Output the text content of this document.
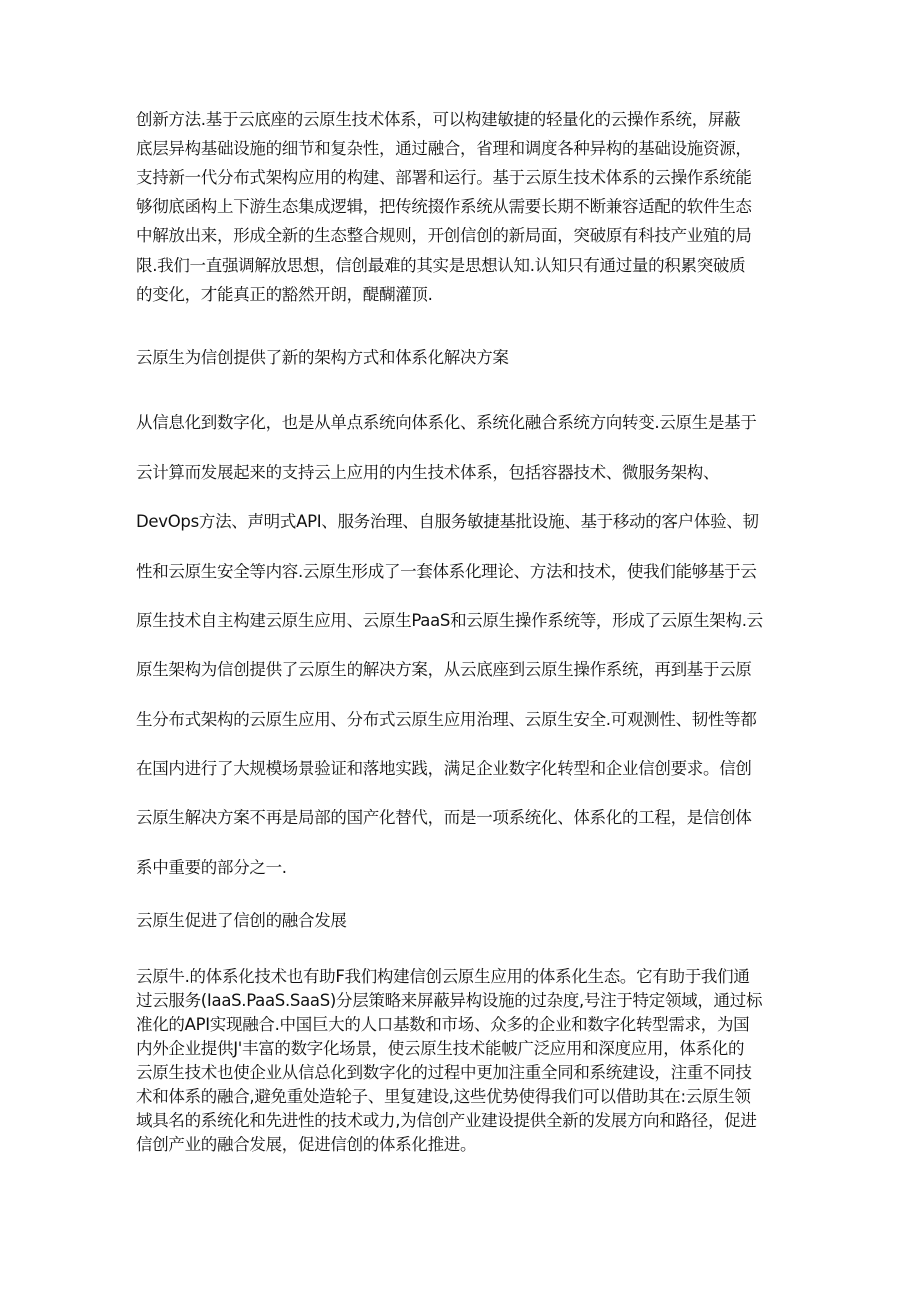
创新方法.基于云底座的云原生技术体系，可以构建敏捷的轻量化的云操作系统，屏蔽
底层异构基础设施的细节和复杂性，通过融合，省理和调度各种异构的基础设施资源，
支持新一代分布式架构应用的构建、部署和运行。基于云原生技术体系的云操作系统能
够彻底函构上下游生态集成逻辑，把传统掇作系统从需要长期不断兼容适配的软件生态
中解放出来，形成全新的生态整合规则，开创信创的新局面，突破原有科技产业殖的局
限.我们一直强调解放思想，信创最难的其实是思想认知.认知只有通过量的积累突破质
的变化，才能真正的豁然开朗，醍醐灌顶.
云原生为信创提供了新的架构方式和体系化解决方案
从信息化到数字化，也是从单点系统向体系化、系统化融合系统方向转变.云原生是基于
云计算而发展起来的支持云上应用的内生技术体系，包括容器技术、微服务架构、
DevOps方法、声明式API、服务治理、自服务敏捷基批设施、基于移动的客户体验、韧
性和云原生安全等内容.云原生形成了一套体系化理论、方法和技术，使我们能够基于云
原生技术自主构建云原生应用、云原生PaaS和云原生操作系统等，形成了云原生架构.云
原生架构为信创提供了云原生的解决方案，从云底座到云原生操作系统，再到基于云原
生分布式架构的云原生应用、分布式云原生应用治理、云原生安全.可观测性、韧性等都
在国内进行了大规模场景验证和落地实践，满足企业数字化转型和企业信创要求。信创
云原生解决方案不再是局部的国产化替代，而是一项系统化、体系化的工程，是信创体
系中重要的部分之一.
云原生促进了信创的融合发展
云原牛.的体系化技术也有助F我们构建信创云原生应用的体系化生态。它有助于我们通
过云服务(IaaS.PaaS.SaaS)分层策略来屏蔽异构设施的过杂度,号注于特定领域，通过标
准化的API实现融合.中国巨大的人口基数和市场、众多的企业和数字化转型需求，为国
内外企业提供J'丰富的数字化场景，使云原生技术能帔广泛应用和深度应用，体系化的
云原生技术也使企业从信总化到数字化的过程中更加注重全同和系统建设，注重不同技
术和体系的融合,避免重处造轮子、里复建设,这些优势使得我们可以借助其在:云原生领
域具名的系统化和先进性的技术或力,为信创产业建设提供全新的发展方向和路径，促进
信创产业的融合发展，促进信创的体系化推进。
